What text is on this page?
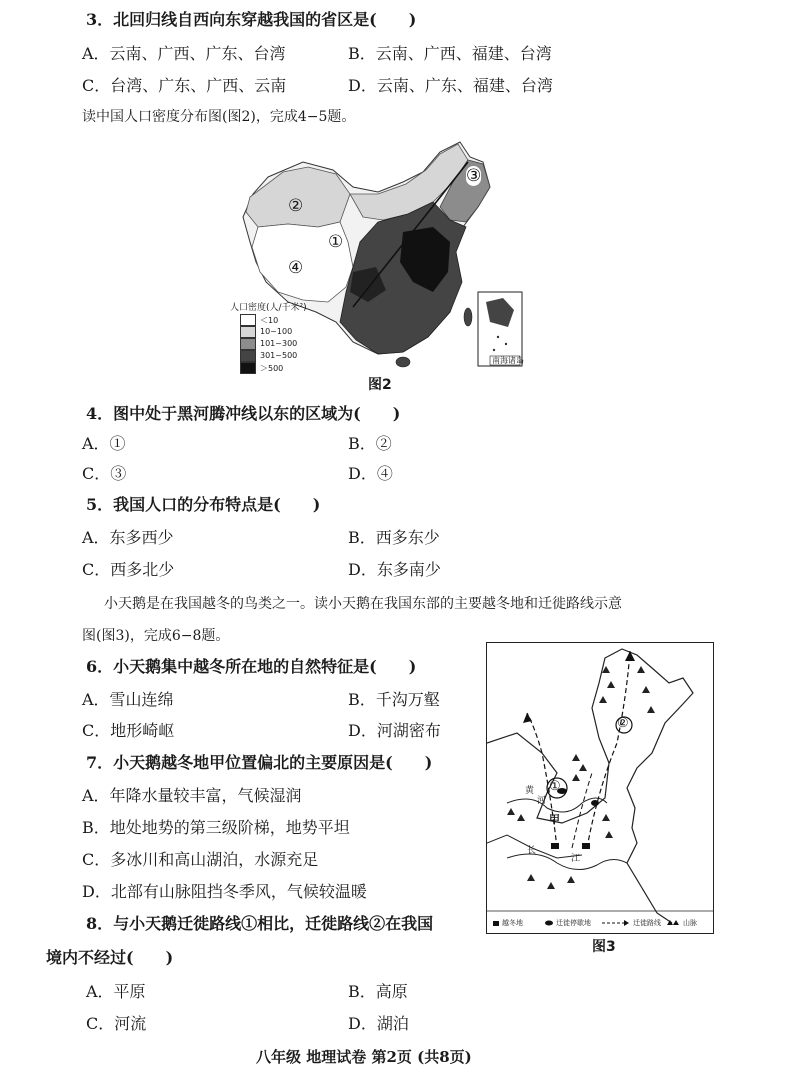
3．北回归线自西向东穿越我国的省区是(　　)
A．云南、广西、广东、台湾	B．云南、广西、福建、台湾
C．台湾、广东、广西、云南	D．云南、广东、福建、台湾
读中国人口密度分布图(图2)，完成4−5题。
南海诸岛
②
①
③
④
人口密度(人/千米²)
＜10
10~100
101~300
301~500
＞500
图2
4．图中处于黑河腾冲线以东的区域为(　　)
A．①	B．②
C．③	D．④
5．我国人口的分布特点是(　　)
A．东多西少	B．西多东少
C．西多北少	D．东多南少
小天鹅是在我国越冬的鸟类之一。读小天鹅在我国东部的主要越冬地和迁徙路线示意
图(图3)，完成6−8题。
6．小天鹅集中越冬所在地的自然特征是(　　)
A．雪山连绵	B．千沟万壑
C．地形崎岖	D．河湖密布
7．小天鹅越冬地甲位置偏北的主要原因是(　　)
A．年降水量较丰富，气候湿润
B．地处地势的第三级阶梯，地势平坦
C．多冰川和高山湖泊，水源充足
D．北部有山脉阻挡冬季风，气候较温暖
8．与小天鹅迁徙路线①相比，迁徙路线②在我国
境内不经过(　　)
A．平原	B．高原
C．河流	D．湖泊
①
②
甲
黄
河
长
江
越冬地	迁徙停歇地	迁徙路线	山脉
图3
八年级 地理试卷 第2页 (共8页)
